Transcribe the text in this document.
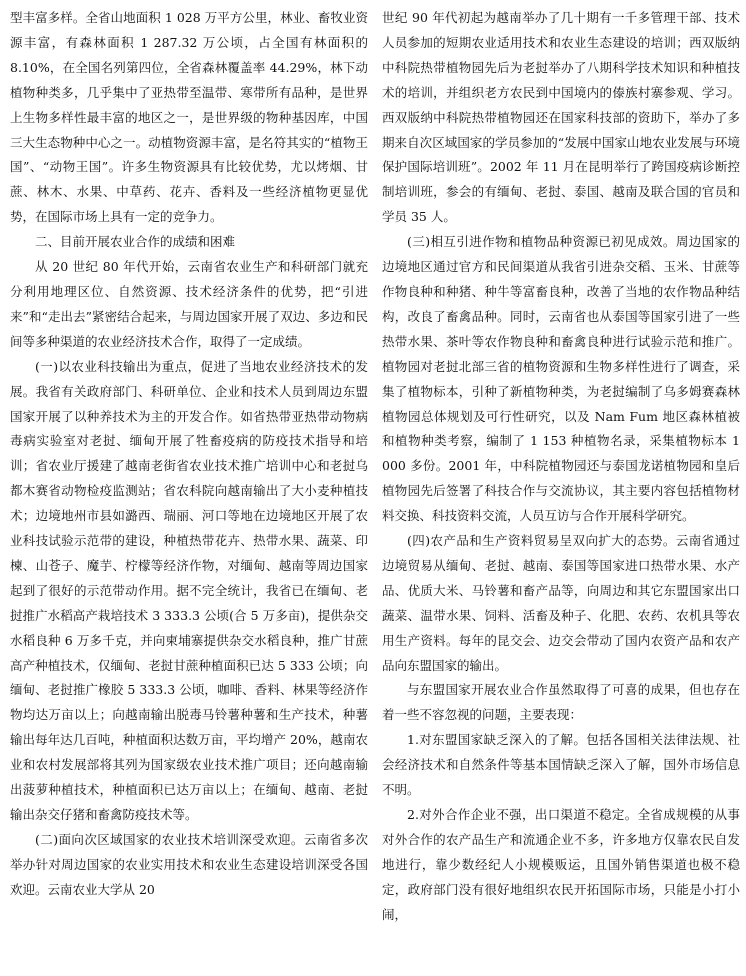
型丰富多样。全省山地面积 1 028 万平方公里，林业、畜牧业资源丰富，有森林面积 1 287.32 万公顷，占全国有林面积的 8.10%，在全国名列第四位，全省森林覆盖率 44.29%，林下动植物种类多，几乎集中了亚热带至温带、寒带所有品种，是世界上生物多样性最丰富的地区之一，是世界级的物种基因库，中国三大生态物种中心之一。动植物资源丰富，是名符其实的“植物王国”、“动物王国”。许多生物资源具有比较优势，尤以烤烟、甘蔗、林木、水果、中草药、花卉、香料及一些经济植物更显优势，在国际市场上具有一定的竞争力。

二、目前开展农业合作的成绩和困难

从 20 世纪 80 年代开始，云南省农业生产和科研部门就充分利用地理区位、自然资源、技术经济条件的优势，把“引进来”和“走出去”紧密结合起来，与周边国家开展了双边、多边和民间等多种渠道的农业经济技术合作，取得了一定成绩。

(一)以农业科技输出为重点，促进了当地农业经济技术的发展。我省有关政府部门、科研单位、企业和技术人员到周边东盟国家开展了以种养技术为主的开发合作。如省热带亚热带动物病毒病实验室对老挝、缅甸开展了牲畜疫病的防疫技术指导和培训；省农业厅援建了越南老街省农业技术推广培训中心和老挝乌都木赛省动物检疫监测站；省农科院向越南输出了大小麦种植技术；边境地州市县如潞西、瑞丽、河口等地在边境地区开展了农业科技试验示范带的建设，种植热带花卉、热带水果、蔬菜、印楝、山苍子、魔芋、柠檬等经济作物，对缅甸、越南等周边国家起到了很好的示范带动作用。据不完全统计，我省已在缅甸、老挝推广水稻高产栽培技术 3 333.3 公顷(合 5 万多亩)，提供杂交水稻良种 6 万多千克，并向柬埔寨提供杂交水稻良种，推广甘蔗高产种植技术，仅缅甸、老挝甘蔗种植面积已达 5 333 公顷；向缅甸、老挝推广橡胶 5 333.3 公顷，咖啡、香料、林果等经济作物均达万亩以上；向越南输出脱毒马铃薯种薯和生产技术，种薯输出每年达几百吨，种植面积达数万亩，平均增产 20%，越南农业和农村发展部将其列为国家级农业技术推广项目；还向越南输出菠萝种植技术，种植面积已达万亩以上；在缅甸、越南、老挝输出杂交仔猪和畜禽防疫技术等。

(二)面向次区域国家的农业技术培训深受欢迎。云南省多次举办针对周边国家的农业实用技术和农业生态建设培训深受各国欢迎。云南农业大学从 20

世纪 90 年代初起为越南举办了几十期有一千多管理干部、技术人员参加的短期农业适用技术和农业生态建设的培训；西双版纳中科院热带植物园先后为老挝举办了八期科学技术知识和种植技术的培训，并组织老方农民到中国境内的傣族村寨参观、学习。西双版纳中科院热带植物园还在国家科技部的资助下，举办了多期来自次区域国家的学员参加的“发展中国家山地农业发展与环境保护国际培训班”。2002 年 11 月在昆明举行了跨国疫病诊断控制培训班，参会的有缅甸、老挝、泰国、越南及联合国的官员和学员 35 人。

(三)相互引进作物和植物品种资源已初见成效。周边国家的边境地区通过官方和民间渠道从我省引进杂交稻、玉米、甘蔗等作物良种和种猪、种牛等富畜良种，改善了当地的农作物品种结构，改良了畜禽品种。同时，云南省也从泰国等国家引进了一些热带水果、茶叶等农作物良种和畜禽良种进行试验示范和推广。植物园对老挝北部三省的植物资源和生物多样性进行了调查，采集了植物标本，引种了新植物种类，为老挝编制了乌多姆赛森林植物园总体规划及可行性研究，以及 Nam Fum 地区森林植被和植物种类考察，编制了 1 153 种植物名录，采集植物标本 1 000 多份。2001 年，中科院植物园还与泰国龙诺植物园和皇后植物园先后签署了科技合作与交流协议，其主要内容包括植物材料交换、科技资料交流，人员互访与合作开展科学研究。

(四)农产品和生产资料贸易呈双向扩大的态势。云南省通过边境贸易从缅甸、老挝、越南、泰国等国家进口热带水果、水产品、优质大米、马铃薯和畜产品等，向周边和其它东盟国家出口蔬菜、温带水果、饲料、活畜及种子、化肥、农药、农机具等农用生产资料。每年的昆交会、边交会带动了国内农资产品和农产品向东盟国家的输出。

与东盟国家开展农业合作虽然取得了可喜的成果，但也存在着一些不容忽视的问题，主要表现：

1.对东盟国家缺乏深入的了解。包括各国相关法律法规、社会经济技术和自然条件等基本国情缺乏深入了解，国外市场信息不明。

2.对外合作企业不强，出口渠道不稳定。全省成规模的从事对外合作的农产品生产和流通企业不多，许多地方仅靠农民自发地进行，靠少数经纪人小规模贩运，且国外销售渠道也极不稳定，政府部门没有很好地组织农民开拓国际市场，只能是小打小闹，
